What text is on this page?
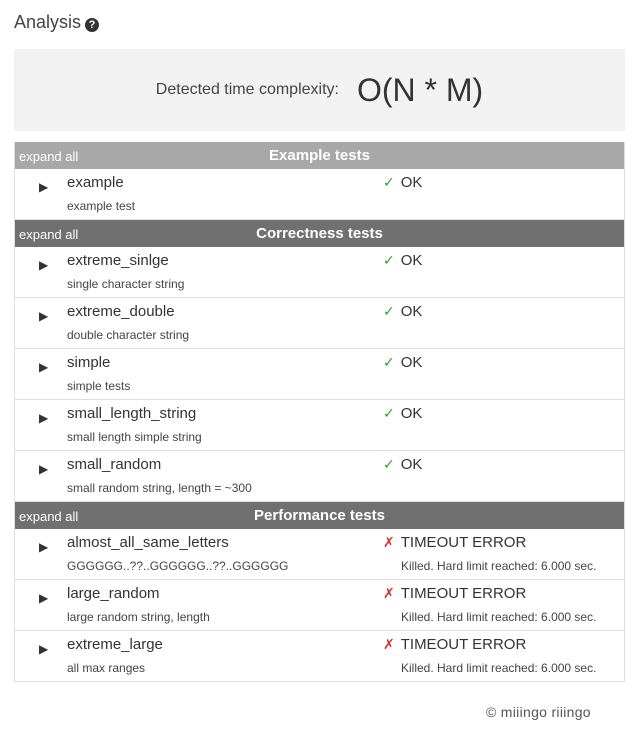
Analysis ?
Detected time complexity: O(N * M)
expand all	Example tests
▶ example
example test
✓ OK
expand all	Correctness tests
▶ extreme_sinlge
single character string
✓ OK
▶ extreme_double
double character string
✓ OK
▶ simple
simple tests
✓ OK
▶ small_length_string
small length simple string
✓ OK
▶ small_random
small random string, length = ~300
✓ OK
expand all	Performance tests
▶ almost_all_same_letters
GGGGGG..??..GGGGGG..??..GGGGGG
✗ TIMEOUT ERROR
Killed. Hard limit reached: 6.000 sec.
▶ large_random
large random string, length
✗ TIMEOUT ERROR
Killed. Hard limit reached: 6.000 sec.
▶ extreme_large
all max ranges
✗ TIMEOUT ERROR
Killed. Hard limit reached: 6.000 sec.
© miiingo riiingo
